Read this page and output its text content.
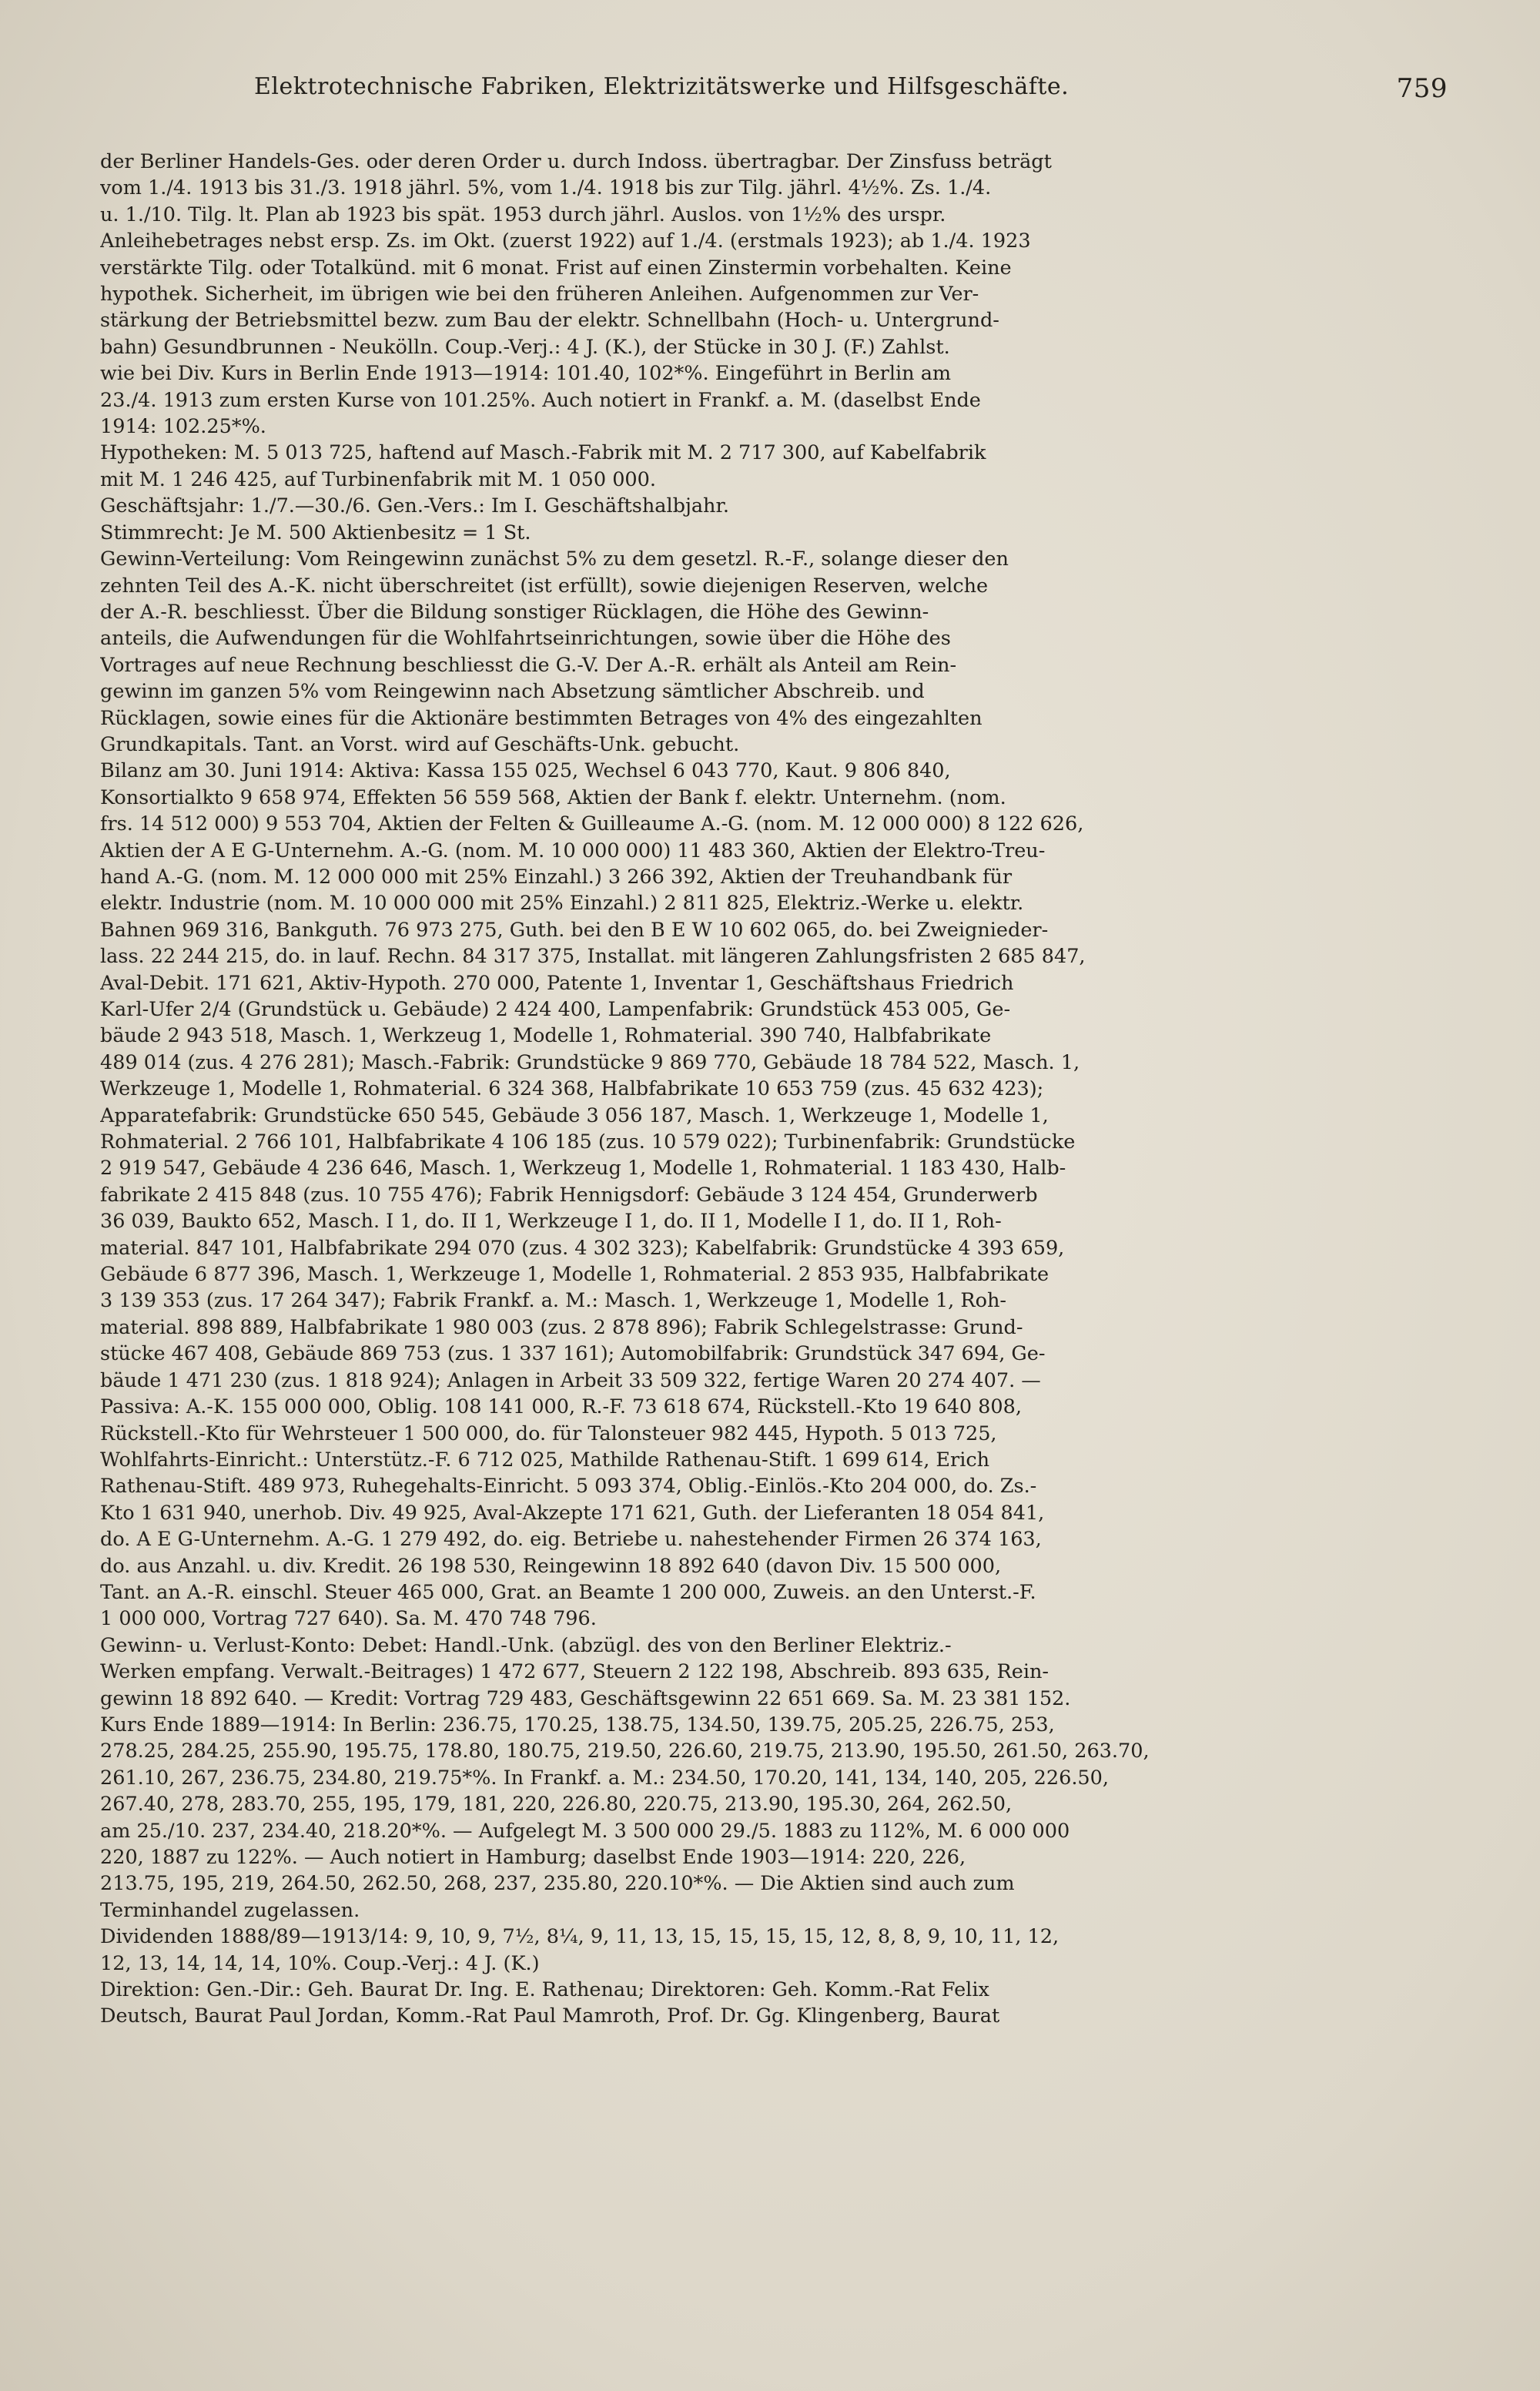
Elektrotechnische Fabriken, Elektrizitätswerke und Hilfsgeschäfte.	759
der Berliner Handels-Ges. oder deren Order u. durch Indoss. übertragbar. Der Zinsfuss beträgt
vom 1./4. 1913 bis 31./3. 1918 jährl. 5%, vom 1./4. 1918 bis zur Tilg. jährl. 4½%. Zs. 1./4.
u. 1./10. Tilg. lt. Plan ab 1923 bis spät. 1953 durch jährl. Auslos. von 1½% des urspr.
Anleihebetrages nebst ersp. Zs. im Okt. (zuerst 1922) auf 1./4. (erstmals 1923); ab 1./4. 1923
verstärkte Tilg. oder Totalkünd. mit 6 monat. Frist auf einen Zinstermin vorbehalten. Keine
hypothek. Sicherheit, im übrigen wie bei den früheren Anleihen. Aufgenommen zur Ver-
stärkung der Betriebsmittel bezw. zum Bau der elektr. Schnellbahn (Hoch- u. Untergrund-
bahn) Gesundbrunnen - Neukölln. Coup.-Verj.: 4 J. (K.), der Stücke in 30 J. (F.) Zahlst.
wie bei Div. Kurs in Berlin Ende 1913—1914: 101.40, 102*%. Eingeführt in Berlin am
23./4. 1913 zum ersten Kurse von 101.25%. Auch notiert in Frankf. a. M. (daselbst Ende
1914: 102.25*%.
Hypotheken: M. 5 013 725, haftend auf Masch.-Fabrik mit M. 2 717 300, auf Kabelfabrik
mit M. 1 246 425, auf Turbinenfabrik mit M. 1 050 000.
Geschäftsjahr: 1./7.—30./6. Gen.-Vers.: Im I. Geschäftshalbjahr.
Stimmrecht: Je M. 500 Aktienbesitz = 1 St.
Gewinn-Verteilung: Vom Reingewinn zunächst 5% zu dem gesetzl. R.-F., solange dieser den
zehnten Teil des A.-K. nicht überschreitet (ist erfüllt), sowie diejenigen Reserven, welche
der A.-R. beschliesst. Über die Bildung sonstiger Rücklagen, die Höhe des Gewinn-
anteils, die Aufwendungen für die Wohlfahrtseinrichtungen, sowie über die Höhe des
Vortrages auf neue Rechnung beschliesst die G.-V. Der A.-R. erhält als Anteil am Rein-
gewinn im ganzen 5% vom Reingewinn nach Absetzung sämtlicher Abschreib. und
Rücklagen, sowie eines für die Aktionäre bestimmten Betrages von 4% des eingezahlten
Grundkapitals. Tant. an Vorst. wird auf Geschäfts-Unk. gebucht.
Bilanz am 30. Juni 1914: Aktiva: Kassa 155 025, Wechsel 6 043 770, Kaut. 9 806 840,
Konsortialkto 9 658 974, Effekten 56 559 568, Aktien der Bank f. elektr. Unternehm. (nom.
frs. 14 512 000) 9 553 704, Aktien der Felten & Guilleaume A.-G. (nom. M. 12 000 000) 8 122 626,
Aktien der A E G-Unternehm. A.-G. (nom. M. 10 000 000) 11 483 360, Aktien der Elektro-Treu-
hand A.-G. (nom. M. 12 000 000 mit 25% Einzahl.) 3 266 392, Aktien der Treuhandbank für
elektr. Industrie (nom. M. 10 000 000 mit 25% Einzahl.) 2 811 825, Elektriz.-Werke u. elektr.
Bahnen 969 316, Bankguth. 76 973 275, Guth. bei den B E W 10 602 065, do. bei Zweignieder-
lass. 22 244 215, do. in lauf. Rechn. 84 317 375, Installat. mit längeren Zahlungsfristen 2 685 847,
Aval-Debit. 171 621, Aktiv-Hypoth. 270 000, Patente 1, Inventar 1, Geschäftshaus Friedrich
Karl-Ufer 2/4 (Grundstück u. Gebäude) 2 424 400, Lampenfabrik: Grundstück 453 005, Ge-
bäude 2 943 518, Masch. 1, Werkzeug 1, Modelle 1, Rohmaterial. 390 740, Halbfabrikate
489 014 (zus. 4 276 281); Masch.-Fabrik: Grundstücke 9 869 770, Gebäude 18 784 522, Masch. 1,
Werkzeuge 1, Modelle 1, Rohmaterial. 6 324 368, Halbfabrikate 10 653 759 (zus. 45 632 423);
Apparatefabrik: Grundstücke 650 545, Gebäude 3 056 187, Masch. 1, Werkzeuge 1, Modelle 1,
Rohmaterial. 2 766 101, Halbfabrikate 4 106 185 (zus. 10 579 022); Turbinenfabrik: Grundstücke
2 919 547, Gebäude 4 236 646, Masch. 1, Werkzeug 1, Modelle 1, Rohmaterial. 1 183 430, Halb-
fabrikate 2 415 848 (zus. 10 755 476); Fabrik Hennigsdorf: Gebäude 3 124 454, Grunderwerb
36 039, Baukto 652, Masch. I 1, do. II 1, Werkzeuge I 1, do. II 1, Modelle I 1, do. II 1, Roh-
material. 847 101, Halbfabrikate 294 070 (zus. 4 302 323); Kabelfabrik: Grundstücke 4 393 659,
Gebäude 6 877 396, Masch. 1, Werkzeuge 1, Modelle 1, Rohmaterial. 2 853 935, Halbfabrikate
3 139 353 (zus. 17 264 347); Fabrik Frankf. a. M.: Masch. 1, Werkzeuge 1, Modelle 1, Roh-
material. 898 889, Halbfabrikate 1 980 003 (zus. 2 878 896); Fabrik Schlegelstrasse: Grund-
stücke 467 408, Gebäude 869 753 (zus. 1 337 161); Automobilfabrik: Grundstück 347 694, Ge-
bäude 1 471 230 (zus. 1 818 924); Anlagen in Arbeit 33 509 322, fertige Waren 20 274 407. —
Passiva: A.-K. 155 000 000, Oblig. 108 141 000, R.-F. 73 618 674, Rückstell.-Kto 19 640 808,
Rückstell.-Kto für Wehrsteuer 1 500 000, do. für Talonsteuer 982 445, Hypoth. 5 013 725,
Wohlfahrts-Einricht.: Unterstütz.-F. 6 712 025, Mathilde Rathenau-Stift. 1 699 614, Erich
Rathenau-Stift. 489 973, Ruhegehalts-Einricht. 5 093 374, Oblig.-Einlös.-Kto 204 000, do. Zs.-
Kto 1 631 940, unerhob. Div. 49 925, Aval-Akzepte 171 621, Guth. der Lieferanten 18 054 841,
do. A E G-Unternehm. A.-G. 1 279 492, do. eig. Betriebe u. nahestehender Firmen 26 374 163,
do. aus Anzahl. u. div. Kredit. 26 198 530, Reingewinn 18 892 640 (davon Div. 15 500 000,
Tant. an A.-R. einschl. Steuer 465 000, Grat. an Beamte 1 200 000, Zuweis. an den Unterst.-F.
1 000 000, Vortrag 727 640). Sa. M. 470 748 796.
Gewinn- u. Verlust-Konto: Debet: Handl.-Unk. (abzügl. des von den Berliner Elektriz.-
Werken empfang. Verwalt.-Beitrages) 1 472 677, Steuern 2 122 198, Abschreib. 893 635, Rein-
gewinn 18 892 640. — Kredit: Vortrag 729 483, Geschäftsgewinn 22 651 669. Sa. M. 23 381 152.
Kurs Ende 1889—1914: In Berlin: 236.75, 170.25, 138.75, 134.50, 139.75, 205.25, 226.75, 253,
278.25, 284.25, 255.90, 195.75, 178.80, 180.75, 219.50, 226.60, 219.75, 213.90, 195.50, 261.50, 263.70,
261.10, 267, 236.75, 234.80, 219.75*%. In Frankf. a. M.: 234.50, 170.20, 141, 134, 140, 205, 226.50,
267.40, 278, 283.70, 255, 195, 179, 181, 220, 226.80, 220.75, 213.90, 195.30, 264, 262.50,
am 25./10. 237, 234.40, 218.20*%. — Aufgelegt M. 3 500 000 29./5. 1883 zu 112%, M. 6 000 000
220, 1887 zu 122%. — Auch notiert in Hamburg; daselbst Ende 1903—1914: 220, 226,
213.75, 195, 219, 264.50, 262.50, 268, 237, 235.80, 220.10*%. — Die Aktien sind auch zum
Terminhandel zugelassen.
Dividenden 1888/89—1913/14: 9, 10, 9, 7½, 8¼, 9, 11, 13, 15, 15, 15, 15, 12, 8, 8, 9, 10, 11, 12,
12, 13, 14, 14, 14, 10%. Coup.-Verj.: 4 J. (K.)
Direktion: Gen.-Dir.: Geh. Baurat Dr. Ing. E. Rathenau; Direktoren: Geh. Komm.-Rat Felix
Deutsch, Baurat Paul Jordan, Komm.-Rat Paul Mamroth, Prof. Dr. Gg. Klingenberg, Baurat
